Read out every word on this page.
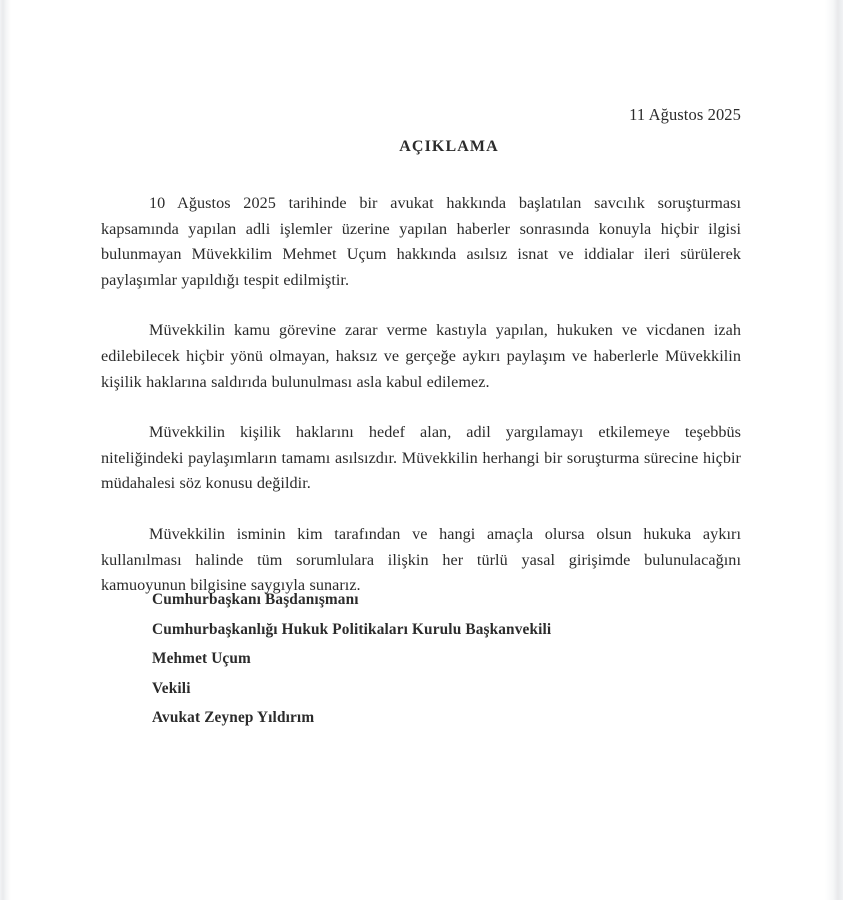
11 Ağustos 2025
AÇIKLAMA

10 Ağustos 2025 tarihinde bir avukat hakkında başlatılan savcılık soruşturması kapsamında yapılan adli işlemler üzerine yapılan haberler sonrasında konuyla hiçbir ilgisi bulunmayan Müvekkilim Mehmet Uçum hakkında asılsız isnat ve iddialar ileri sürülerek paylaşımlar yapıldığı tespit edilmiştir.

Müvekkilin kamu görevine zarar verme kastıyla yapılan, hukuken ve vicdanen izah edilebilecek hiçbir yönü olmayan, haksız ve gerçeğe aykırı paylaşım ve haberlerle Müvekkilin kişilik haklarına saldırıda bulunulması asla kabul edilemez.

Müvekkilin kişilik haklarını hedef alan, adil yargılamayı etkilemeye teşebbüs niteliğindeki paylaşımların tamamı asılsızdır. Müvekkilin herhangi bir soruşturma sürecine hiçbir müdahalesi söz konusu değildir.

Müvekkilin isminin kim tarafından ve hangi amaçla olursa olsun hukuka aykırı kullanılması halinde tüm sorumlulara ilişkin her türlü yasal girişimde bulunulacağını kamuoyunun bilgisine saygıyla sunarız.

Cumhurbaşkanı Başdanışmanı
Cumhurbaşkanlığı Hukuk Politikaları Kurulu Başkanvekili
Mehmet Uçum
Vekili
Avukat Zeynep Yıldırım
